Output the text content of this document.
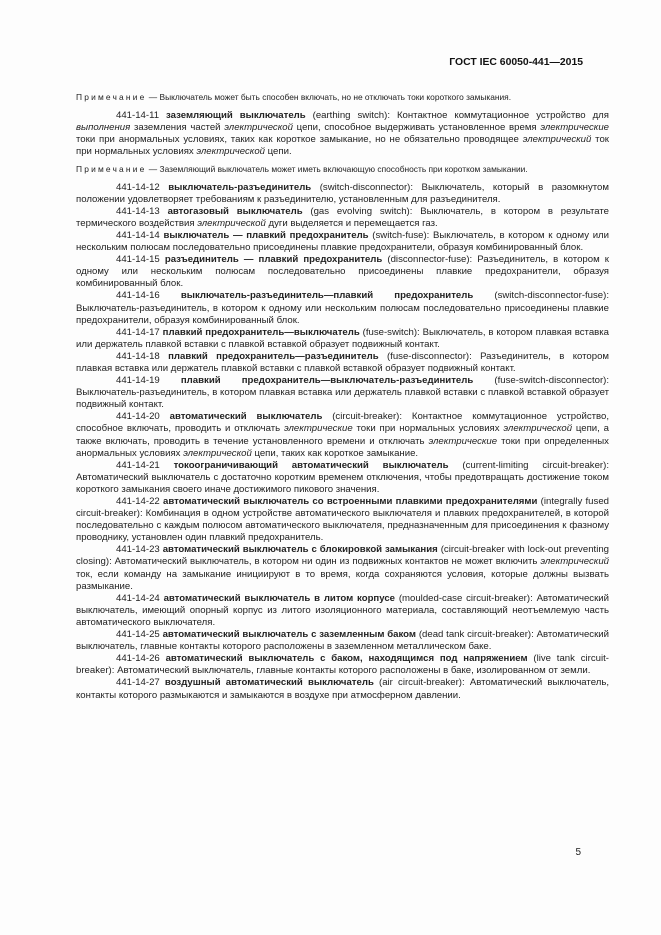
ГОСТ IEC 60050-441—2015

Примечание — Выключатель может быть способен включать, но не отключать токи короткого замыкания.

441-14-11 заземляющий выключатель (earthing switch): Контактное коммутационное устройство для выполнения заземления частей электрической цепи, способное выдерживать установленное время электрические токи при анормальных условиях, таких как короткое замыкание, но не обязательно проводящее электрический ток при нормальных условиях электрической цепи.

Примечание — Заземляющий выключатель может иметь включающую способность при коротком замыкании.

441-14-12 выключатель-разъединитель (switch-disconnector): Выключатель, который в разомкнутом положении удовлетворяет требованиям к разъединителю, установленным для разъединителя.

441-14-13 автогазовый выключатель (gas evolving switch): Выключатель, в котором в результате термического воздействия электрической дуги выделяется и перемещается газ.

441-14-14 выключатель — плавкий предохранитель (switch-fuse): Выключатель, в котором к одному или нескольким полюсам последовательно присоединены плавкие предохранители, образуя комбинированный блок.

441-14-15 разъединитель — плавкий предохранитель (disconnector-fuse): Разъединитель, в котором к одному или нескольким полюсам последовательно присоединены плавкие предохранители, образуя комбинированный блок.

441-14-16 выключатель-разъединитель—плавкий предохранитель (switch-disconnector-fuse): Выключатель-разъединитель, в котором к одному или нескольким полюсам последовательно присоединены плавкие предохранители, образуя комбинированный блок.

441-14-17 плавкий предохранитель—выключатель (fuse-switch): Выключатель, в котором плавкая вставка или держатель плавкой вставки с плавкой вставкой образует подвижный контакт.

441-14-18 плавкий предохранитель—разъединитель (fuse-disconnector): Разъединитель, в котором плавкая вставка или держатель плавкой вставки с плавкой вставкой образует подвижный контакт.

441-14-19 плавкий предохранитель—выключатель-разъединитель (fuse-switch-disconnector): Выключатель-разъединитель, в котором плавкая вставка или держатель плавкой вставки с плавкой вставкой образует подвижный контакт.

441-14-20 автоматический выключатель (circuit-breaker): Контактное коммутационное устройство, способное включать, проводить и отключать электрические токи при нормальных условиях электрической цепи, а также включать, проводить в течение установленного времени и отключать электрические токи при определенных анормальных условиях электрической цепи, таких как короткое замыкание.

441-14-21 токоограничивающий автоматический выключатель (current-limiting circuit-breaker): Автоматический выключатель с достаточно коротким временем отключения, чтобы предотвращать достижение током короткого замыкания своего иначе достижимого пикового значения.

441-14-22 автоматический выключатель со встроенными плавкими предохранителями (integrally fused circuit-breaker): Комбинация в одном устройстве автоматического выключателя и плавких предохранителей, в которой последовательно с каждым полюсом автоматического выключателя, предназначенным для присоединения к фазному проводнику, установлен один плавкий предохранитель.

441-14-23 автоматический выключатель с блокировкой замыкания (circuit-breaker with lock-out preventing closing): Автоматический выключатель, в котором ни один из подвижных контактов не может включить электрический ток, если команду на замыкание инициируют в то время, когда сохраняются условия, которые должны вызвать размыкание.

441-14-24 автоматический выключатель в литом корпусе (moulded-case circuit-breaker): Автоматический выключатель, имеющий опорный корпус из литого изоляционного материала, составляющий неотъемлемую часть автоматического выключателя.

441-14-25 автоматический выключатель с заземленным баком (dead tank circuit-breaker): Автоматический выключатель, главные контакты которого расположены в заземленном металлическом баке.

441-14-26 автоматический выключатель с баком, находящимся под напряжением (live tank circuit-breaker): Автоматический выключатель, главные контакты которого расположены в баке, изолированном от земли.

441-14-27 воздушный автоматический выключатель (air circuit-breaker): Автоматический выключатель, контакты которого размыкаются и замыкаются в воздухе при атмосферном давлении.

5
